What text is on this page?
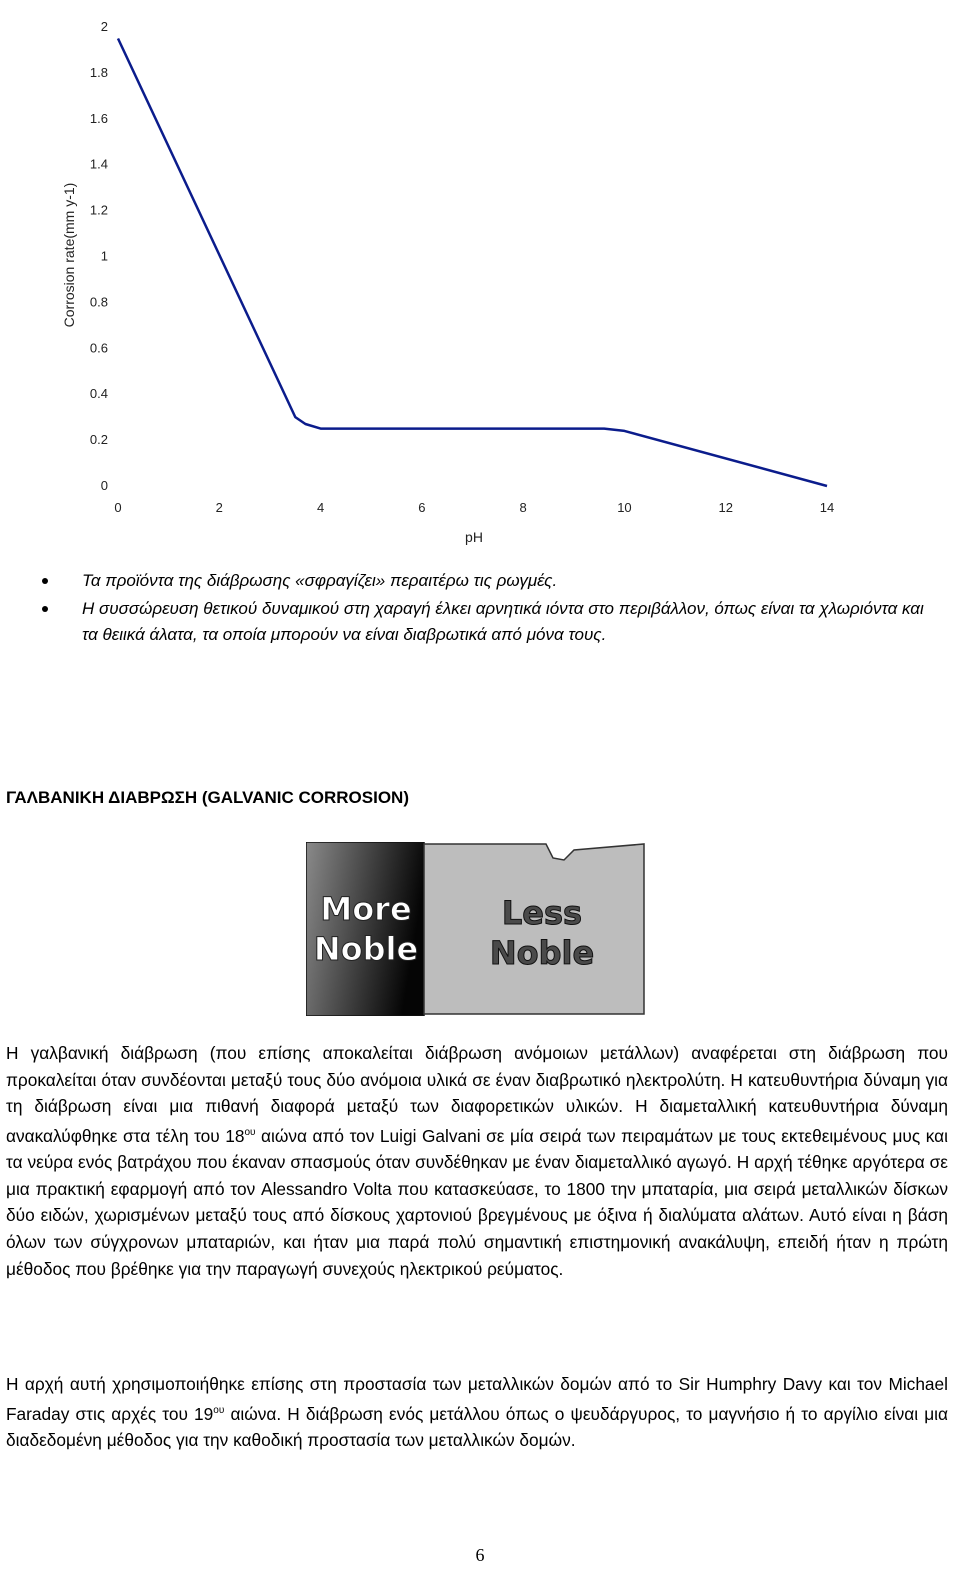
0
0.2
0.4
0.6
0.8
1
1.2
1.4
1.6
1.8
2
0	2	4	6	8	10	12	14
Corrosion rate(mm y-1)
pH
Τα προϊόντα της διάβρωσης «σφραγίζει» περαιτέρω τις ρωγμές.
Η συσσώρευση θετικού δυναμικού στη χαραγή έλκει αρνητικά ιόντα στο περιβάλλον, όπως είναι τα χλωριόντα και τα θειικά άλατα, τα οποία μπορούν να είναι διαβρωτικά από μόνα τους.
ΓΑΛΒΑΝΙΚΗ ΔΙΑΒΡΩΣΗ (GALVANIC CORROSION)
More
Noble
Less
Noble

Η γαλβανική διάβρωση (που επίσης αποκαλείται διάβρωση ανόμοιων μετάλλων) αναφέρεται στη διάβρωση που προκαλείται όταν συνδέονται μεταξύ τους δύο ανόμοια υλικά σε έναν διαβρωτικό ηλεκτρολύτη. Η κατευθυντήρια δύναμη για τη διάβρωση είναι μια πιθανή διαφορά μεταξύ των διαφορετικών υλικών. Η διαμεταλλική κατευθυντήρια δύναμη ανακαλύφθηκε στα τέλη του $18^{o\upsilon}$ αιώνα από τον Luigi Galvani σε μία σειρά των πειραμάτων με τους εκτεθειμένους μυς και τα νεύρα ενός βατράχου που έκαναν σπασμούς όταν συνδέθηκαν με έναν διαμεταλλικό αγωγό. Η αρχή τέθηκε αργότερα σε μια πρακτική εφαρμογή από τον Alessandro Volta που κατασκεύασε, το 1800 την μπαταρία, μια σειρά μεταλλικών δίσκων δύο ειδών, χωρισμένων μεταξύ τους από δίσκους χαρτονιού βρεγμένους με όξινα ή διαλύματα αλάτων. Αυτό είναι η βάση όλων των σύγχρονων μπαταριών, και ήταν μια παρά πολύ σημαντική επιστημονική ανακάλυψη, επειδή ήταν η πρώτη μέθοδος που βρέθηκε για την παραγωγή συνεχούς ηλεκτρικού ρεύματος.

Η αρχή αυτή χρησιμοποιήθηκε επίσης στη προστασία των μεταλλικών δομών από το Sir Humphry Davy και τον Michael Faraday στις αρχές του $19^{o\upsilon}$ αιώνα. Η διάβρωση ενός μετάλλου όπως ο ψευδάργυρος, το μαγνήσιο ή το αργίλιο είναι μια διαδεδομένη μέθοδος για την καθοδική προστασία των μεταλλικών δομών.

6
